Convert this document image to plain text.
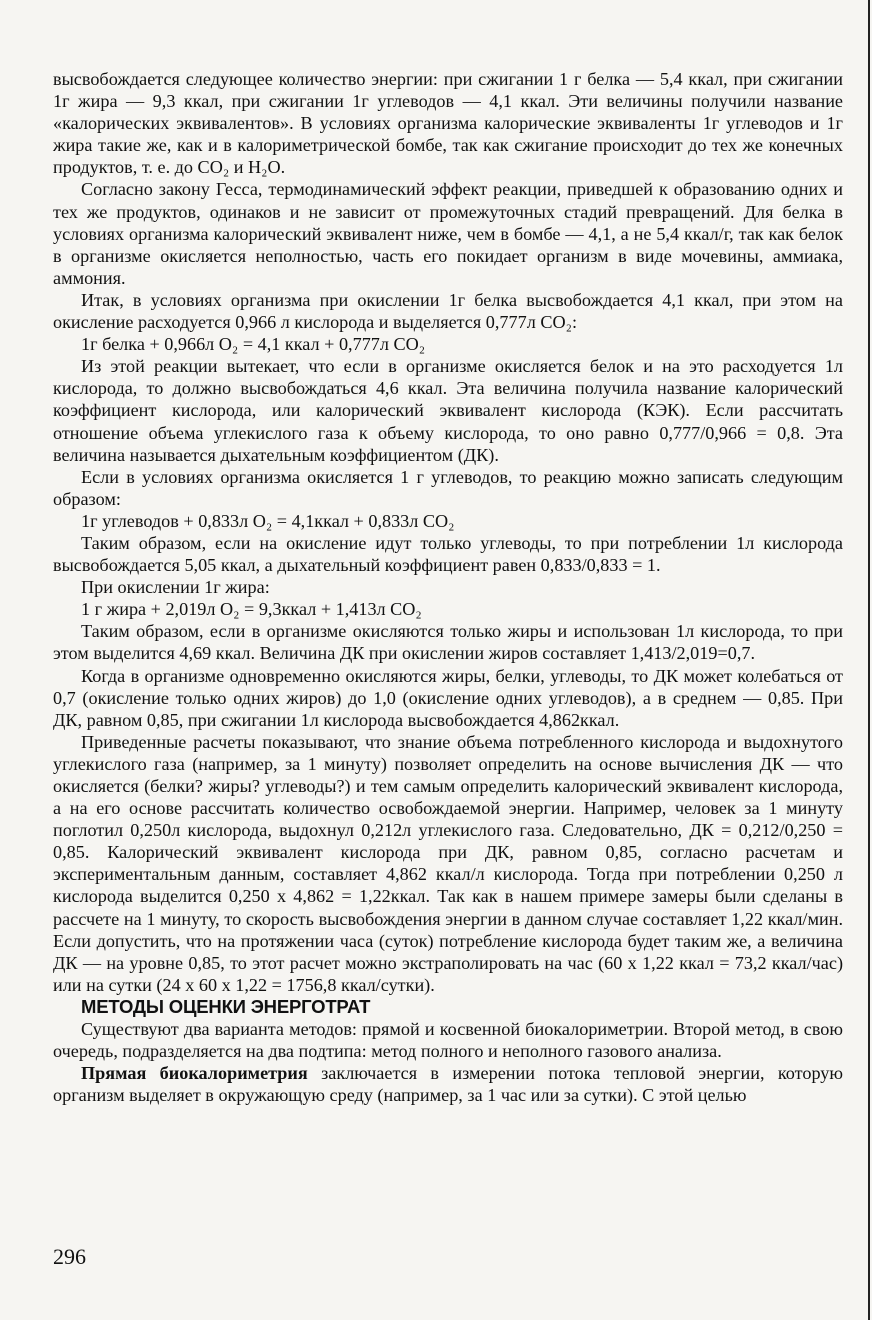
высвобождается следующее количество энергии: при сжигании 1 г белка — 5,4 ккал, при сжигании 1г жира — 9,3 ккал, при сжигании 1г углеводов — 4,1 ккал. Эти величины получили название «калорических эквивалентов». В условиях организма калорические эквиваленты 1г углеводов и 1г жира такие же, как и в калориметрической бомбе, так как сжигание происходит до тех же конечных продуктов, т. е. до CO₂ и H₂O.

Согласно закону Гесса, термодинамический эффект реакции, приведшей к образованию одних и тех же продуктов, одинаков и не зависит от промежуточных стадий превращений. Для белка в условиях организма калорический эквивалент ниже, чем в бомбе — 4,1, а не 5,4 ккал/г, так как белок в организме окисляется неполностью, часть его покидает организм в виде мочевины, аммиака, аммония.

Итак, в условиях организма при окислении 1г белка высвобождается 4,1 ккал, при этом на окисление расходуется 0,966 л кислорода и выделяется 0,777л CO₂:

1г белка + 0,966л O₂ = 4,1 ккал + 0,777л CO₂

Из этой реакции вытекает, что если в организме окисляется белок и на это расходуется 1л кислорода, то должно высвобождаться 4,6 ккал. Эта величина получила название калорический коэффициент кислорода, или калорический эквивалент кислорода (КЭК). Если рассчитать отношение объема углекислого газа к объему кислорода, то оно равно 0,777/0,966 = 0,8. Эта величина называется дыхательным коэффициентом (ДК).

Если в условиях организма окисляется 1 г углеводов, то реакцию можно записать следующим образом:

1г углеводов + 0,833л O₂ = 4,1ккал + 0,833л CO₂

Таким образом, если на окисление идут только углеводы, то при потреблении 1л кислорода высвобождается 5,05 ккал, а дыхательный коэффициент равен 0,833/0,833 = 1.

При окислении 1г жира:

1 г жира + 2,019л O₂ = 9,3ккал + 1,413л CO₂

Таким образом, если в организме окисляются только жиры и использован 1л кислорода, то при этом выделится 4,69 ккал. Величина ДК при окислении жиров составляет 1,413/2,019=0,7.

Когда в организме одновременно окисляются жиры, белки, углеводы, то ДК может колебаться от 0,7 (окисление только одних жиров) до 1,0 (окисление одних углеводов), а в среднем — 0,85. При ДК, равном 0,85, при сжигании 1л кислорода высвобождается 4,862ккал.

Приведенные расчеты показывают, что знание объема потребленного кислорода и выдохнутого углекислого газа (например, за 1 минуту) позволяет определить на основе вычисления ДК — что окисляется (белки? жиры? углеводы?) и тем самым определить калорический эквивалент кислорода, а на его основе рассчитать количество освобождаемой энергии. Например, человек за 1 минуту поглотил 0,250л кислорода, выдохнул 0,212л углекислого газа. Следовательно, ДК = 0,212/0,250 = 0,85. Калорический эквивалент кислорода при ДК, равном 0,85, согласно расчетам и экспериментальным данным, составляет 4,862 ккал/л кислорода. Тогда при потреблении 0,250 л кислорода выделится 0,250 x 4,862 = 1,22ккал. Так как в нашем примере замеры были сделаны в рассчете на 1 минуту, то скорость высвобождения энергии в данном случае составляет 1,22 ккал/мин. Если допустить, что на протяжении часа (суток) потребление кислорода будет таким же, а величина ДК — на уровне 0,85, то этот расчет можно экстраполировать на час (60 x 1,22 ккал = 73,2 ккал/час) или на сутки (24 x 60 x 1,22 = 1756,8 ккал/сутки).

МЕТОДЫ ОЦЕНКИ ЭНЕРГОТРАТ

Существуют два варианта методов: прямой и косвенной биокалориметрии. Второй метод, в свою очередь, подразделяется на два подтипа: метод полного и неполного газового анализа.

Прямая биокалориметрия заключается в измерении потока тепловой энергии, которую организм выделяет в окружающую среду (например, за 1 час или за сутки). С этой целью

296
